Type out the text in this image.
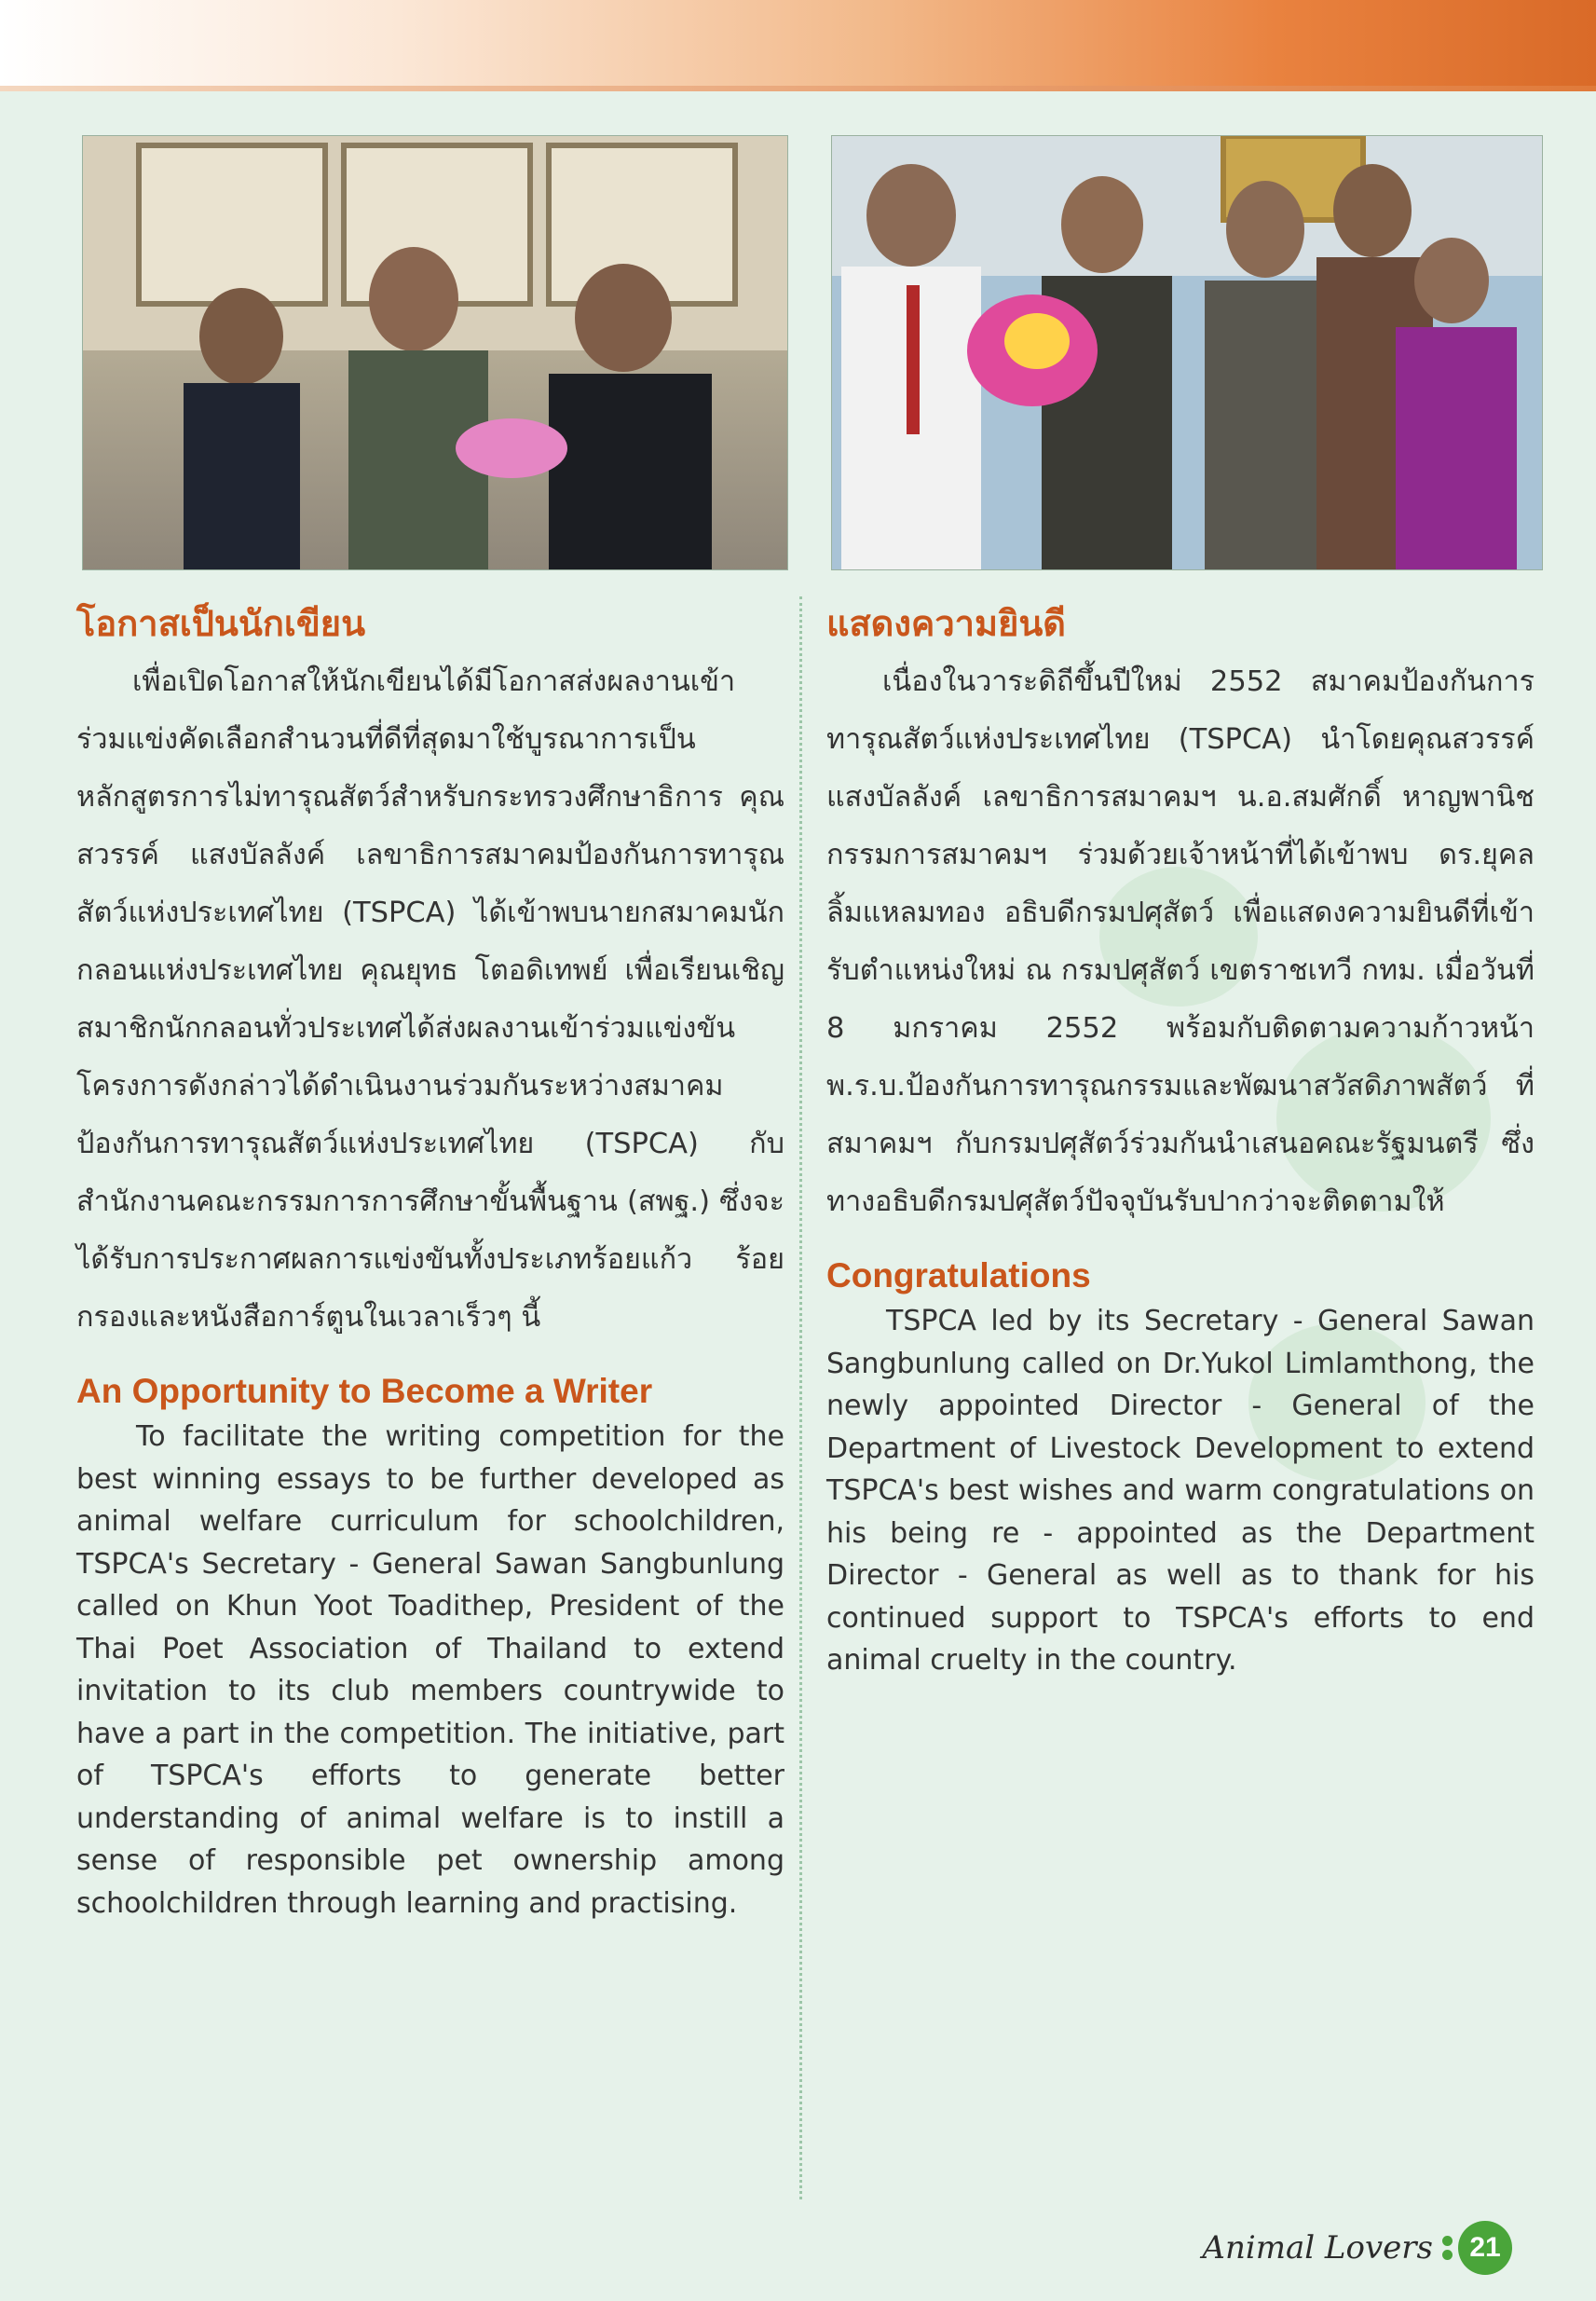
โอกาสเป็นนักเขียน

เพื่อเปิดโอกาสให้นักเขียนได้มีโอกาสส่งผลงานเข้าร่วมแข่งคัดเลือกสำนวนที่ดีที่สุดมาใช้บูรณาการเป็นหลักสูตรการไม่ทารุณสัตว์สำหรับกระทรวงศึกษาธิการ คุณสวรรค์ แสงบัลลังค์ เลขาธิการสมาคมป้องกันการทารุณสัตว์แห่งประเทศไทย (TSPCA) ได้เข้าพบนายกสมาคมนักกลอนแห่งประเทศไทย คุณยุทธ โตอดิเทพย์ เพื่อเรียนเชิญสมาชิกนักกลอนทั่วประเทศได้ส่งผลงานเข้าร่วมแข่งขัน โครงการดังกล่าวได้ดำเนินงานร่วมกันระหว่างสมาคมป้องกันการทารุณสัตว์แห่งประเทศไทย (TSPCA) กับสำนักงานคณะกรรมการการศึกษาขั้นพื้นฐาน (สพฐ.) ซึ่งจะได้รับการประกาศผลการแข่งขันทั้งประเภทร้อยแก้ว ร้อยกรองและหนังสือการ์ตูนในเวลาเร็วๆ นี้

An Opportunity to Become a Writer

To facilitate the writing competition for the best winning essays to be further developed as animal welfare curriculum for schoolchildren, TSPCA's Secretary - General Sawan Sangbunlung called on Khun Yoot Toadithep, President of the Thai Poet Association of Thailand to extend invitation to its club members countrywide to have a part in the competition. The initiative, part of TSPCA's efforts to generate better understanding of animal welfare is to instill a sense of responsible pet ownership among schoolchildren through learning and practising.

แสดงความยินดี

เนื่องในวาระดิถีขึ้นปีใหม่ 2552 สมาคมป้องกันการทารุณสัตว์แห่งประเทศไทย (TSPCA) นำโดยคุณสวรรค์ แสงบัลลังค์ เลขาธิการสมาคมฯ น.อ.สมศักดิ์ หาญพานิช กรรมการสมาคมฯ ร่วมด้วยเจ้าหน้าที่ได้เข้าพบ ดร.ยุคล ลิ้มแหลมทอง อธิบดีกรมปศุสัตว์ เพื่อแสดงความยินดีที่เข้ารับตำแหน่งใหม่ ณ กรมปศุสัตว์ เขตราชเทวี กทม. เมื่อวันที่ 8 มกราคม 2552 พร้อมกับติดตามความก้าวหน้า พ.ร.บ.ป้องกันการทารุณกรรมและพัฒนาสวัสดิภาพสัตว์ ที่สมาคมฯ กับกรมปศุสัตว์ร่วมกันนำเสนอคณะรัฐมนตรี ซึ่งทางอธิบดีกรมปศุสัตว์ปัจจุบันรับปากว่าจะติดตามให้

Congratulations

TSPCA led by its Secretary - General Sawan Sangbunlung called on Dr.Yukol Limlamthong, the newly appointed Director - General of the Department of Livestock Development to extend TSPCA's best wishes and warm congratulations on his being re - appointed as the Department Director - General as well as to thank for his continued support to TSPCA's efforts to end animal cruelty in the country.

Animal Lovers	21
